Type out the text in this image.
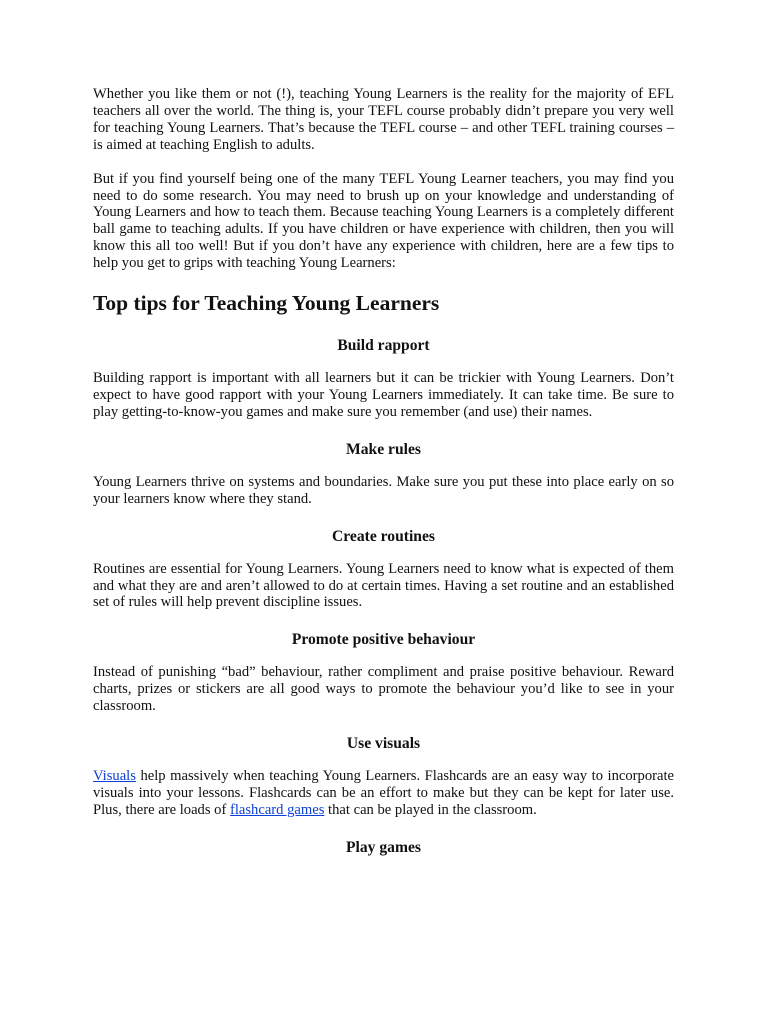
Whether you like them or not (!), teaching Young Learners is the reality for the majority of EFL teachers all over the world. The thing is, your TEFL course probably didn’t prepare you very well for teaching Young Learners. That’s because the TEFL course – and other TEFL training courses – is aimed at teaching English to adults.

But if you find yourself being one of the many TEFL Young Learner teachers, you may find you need to do some research. You may need to brush up on your knowledge and understanding of Young Learners and how to teach them. Because teaching Young Learners is a completely different ball game to teaching adults. If you have children or have experience with children, then you will know this all too well! But if you don’t have any experience with children, here are a few tips to help you get to grips with teaching Young Learners:

Top tips for Teaching Young Learners
Build rapport

Building rapport is important with all learners but it can be trickier with Young Learners. Don’t expect to have good rapport with your Young Learners immediately. It can take time. Be sure to play getting-to-know-you games and make sure you remember (and use) their names.

Make rules

Young Learners thrive on systems and boundaries. Make sure you put these into place early on so your learners know where they stand.

Create routines

Routines are essential for Young Learners. Young Learners need to know what is expected of them and what they are and aren’t allowed to do at certain times. Having a set routine and an established set of rules will help prevent discipline issues.

Promote positive behaviour

Instead of punishing “bad” behaviour, rather compliment and praise positive behaviour. Reward charts, prizes or stickers are all good ways to promote the behaviour you’d like to see in your classroom.

Use visuals

Visuals help massively when teaching Young Learners. Flashcards are an easy way to incorporate visuals into your lessons. Flashcards can be an effort to make but they can be kept for later use. Plus, there are loads of flashcard games that can be played in the classroom.

Play games
